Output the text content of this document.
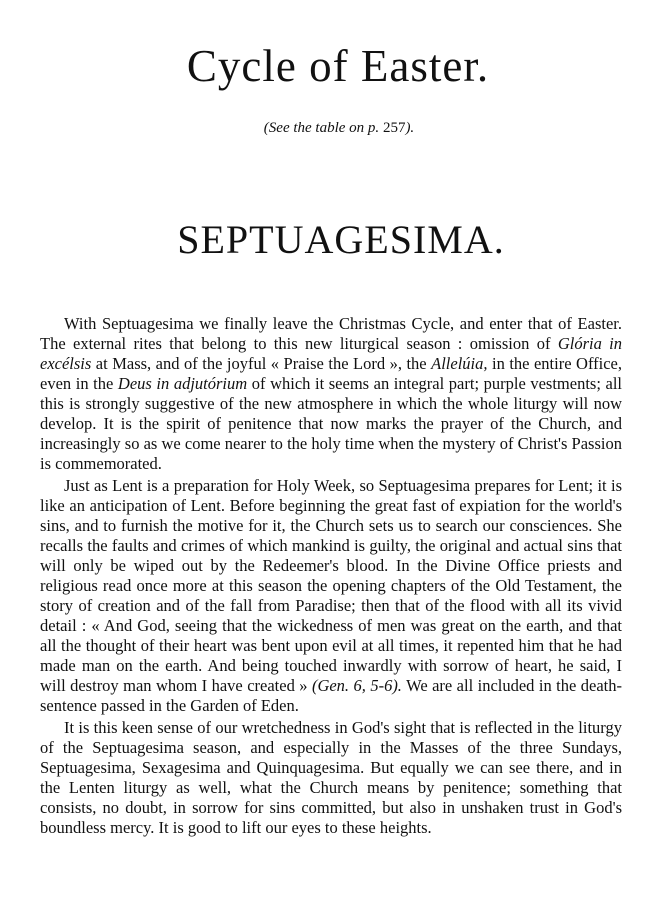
Cycle of Easter.
(See the table on p. 257).
SEPTUAGESIMA.

With Septuagesima we finally leave the Christmas Cycle, and enter that of Easter. The external rites that belong to this new liturgical season : omission of Glória in excélsis at Mass, and of the joyful « Praise the Lord », the Allelúia, in the entire Office, even in the Deus in adjutórium of which it seems an integral part; purple vestments; all this is strongly suggestive of the new atmosphere in which the whole liturgy will now develop. It is the spirit of penitence that now marks the prayer of the Church, and increasingly so as we come nearer to the holy time when the mystery of Christ's Passion is commemorated.

Just as Lent is a preparation for Holy Week, so Septuagesima prepares for Lent; it is like an anticipation of Lent. Before beginning the great fast of expiation for the world's sins, and to furnish the motive for it, the Church sets us to search our consciences. She recalls the faults and crimes of which mankind is guilty, the original and actual sins that will only be wiped out by the Redeemer's blood. In the Divine Office priests and religious read once more at this season the opening chapters of the Old Testament, the story of creation and of the fall from Paradise; then that of the flood with all its vivid detail : « And God, seeing that the wickedness of men was great on the earth, and that all the thought of their heart was bent upon evil at all times, it repented him that he had made man on the earth. And being touched inwardly with sorrow of heart, he said, I will destroy man whom I have created » (Gen. 6, 5-6). We are all included in the death-sentence passed in the Garden of Eden.

It is this keen sense of our wretchedness in God's sight that is reflected in the liturgy of the Septuagesima season, and especially in the Masses of the three Sundays, Septuagesima, Sexagesima and Quinquagesima. But equally we can see there, and in the Lenten liturgy as well, what the Church means by penitence; something that consists, no doubt, in sorrow for sins committed, but also in unshaken trust in God's boundless mercy. It is good to lift our eyes to these heights.
